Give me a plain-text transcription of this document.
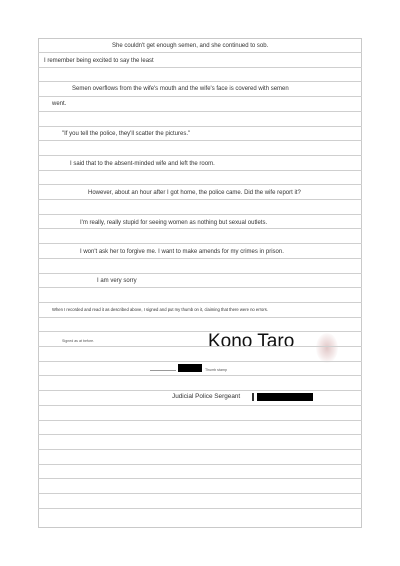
She couldn't get enough semen, and she continued to sob.
I remember being excited to say the least
Semen overflows from the wife's mouth and the wife's face is covered with semen
went.
"If you tell the police, they'll scatter the pictures."
I said that to the absent-minded wife and left the room.
However, about an hour after I got home, the police came. Did the wife report it?
I'm really, really stupid for seeing women as nothing but sexual outlets.
I won't ask her to forgive me. I want to make amends for my crimes in prison.
I am very sorry
When I recorded and read it as described above, I signed and put my thumb on it, claiming that there were no errors.
Signed as at before.	Kono Taro
Thumb stamp
Judicial Police Sergeant
